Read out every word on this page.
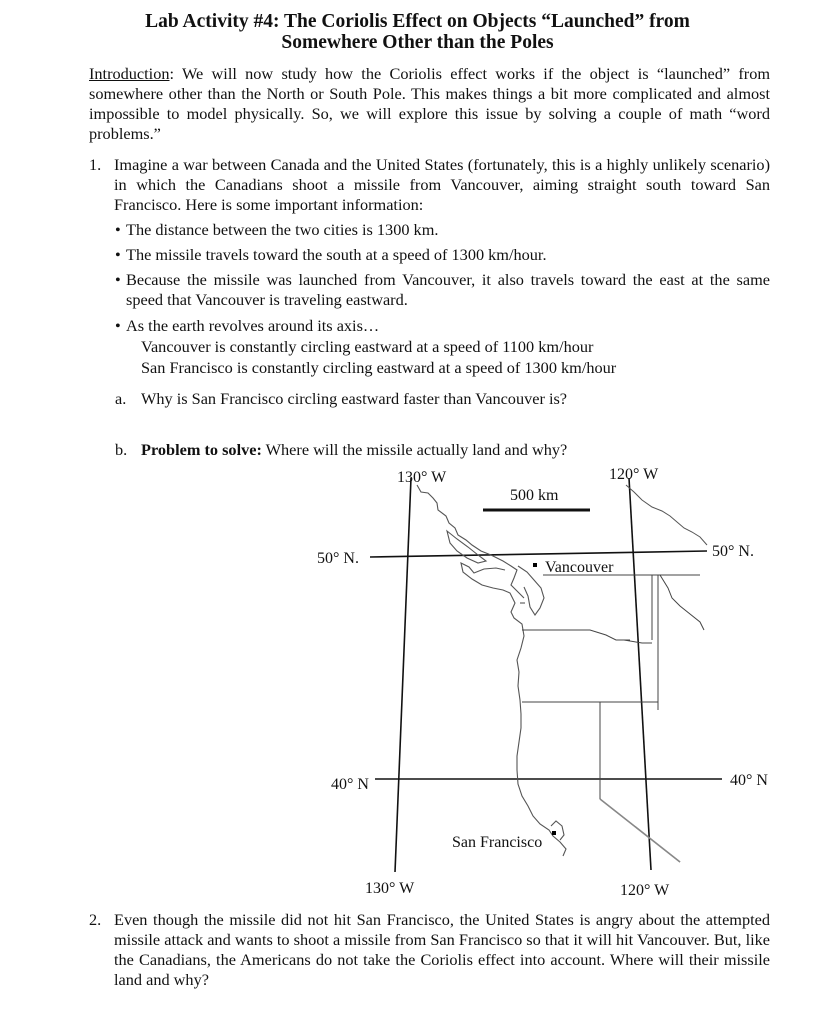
Lab Activity #4: The Coriolis Effect on Objects “Launched” from
Somewhere Other than the Poles

Introduction: We will now study how the Coriolis effect works if the object is “launched” from somewhere other than the North or South Pole. This makes things a bit more complicated and almost impossible to model physically. So, we will explore this issue by solving a couple of math “word problems.”

1. Imagine a war between Canada and the United States (fortunately, this is a highly unlikely scenario) in which the Canadians shoot a missile from Vancouver, aiming straight south toward San Francisco. Here is some important information:
• The distance between the two cities is 1300 km.
• The missile travels toward the south at a speed of 1300 km/hour.
• Because the missile was launched from Vancouver, it also travels toward the east at the same speed that Vancouver is traveling eastward.
• As the earth revolves around its axis…
Vancouver is constantly circling eastward at a speed of 1100 km/hour
San Francisco is constantly circling eastward at a speed of 1300 km/hour
a. Why is San Francisco circling eastward faster than Vancouver is?
b. Problem to solve: Where will the missile actually land and why?
130° W	120° W
500 km
50° N.	50° N.
Vancouver
40° N	40° N
San Francisco
130° W	120° W
2. Even though the missile did not hit San Francisco, the United States is angry about the attempted missile attack and wants to shoot a missile from San Francisco so that it will hit Vancouver. But, like the Canadians, the Americans do not take the Coriolis effect into account. Where will their missile land and why?
